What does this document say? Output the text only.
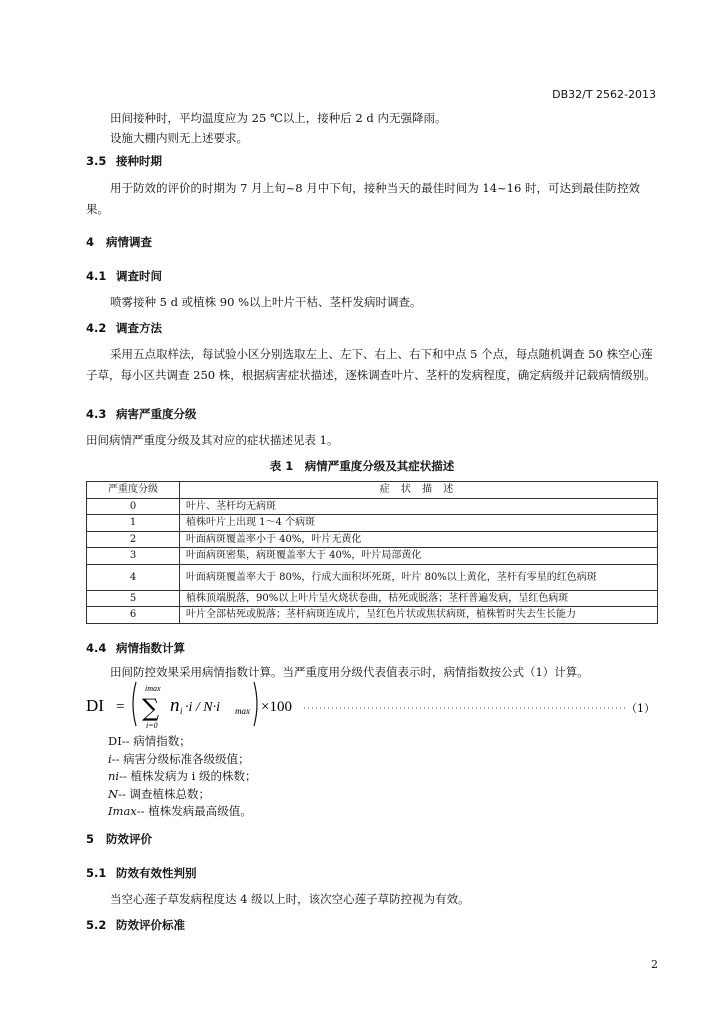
DB32/T 2562-2013
田间接种时，平均温度应为 25 ℃以上，接种后 2 d 内无强降雨。
设施大棚内则无上述要求。
3.5 接种时期
用于防效的评价的时期为 7 月上旬~8 月中下旬，接种当天的最佳时间为 14~16 时，可达到最佳防控效果。
4 病情调查
4.1 调查时间
喷雾接种 5 d 或植株 90 %以上叶片干枯、茎杆发病时调查。
4.2 调查方法
采用五点取样法，每试验小区分别选取左上、左下、右上、右下和中点 5 个点，每点随机调查 50 株空心莲子草，每小区共调查 250 株，根据病害症状描述，逐株调查叶片、茎杆的发病程度，确定病级并记载病情级别。
4.3 病害严重度分级
田间病情严重度分级及其对应的症状描述见表 1。
表 1　病情严重度分级及其症状描述
严重度分级	症 状 描 述
0	叶片、茎杆均无病斑
1	植株叶片上出现 1～4 个病斑
2	叶面病斑覆盖率小于 40%，叶片无黄化
3	叶面病斑密集，病斑覆盖率大于 40%，叶片局部黄化
4	叶面病斑覆盖率大于 80%，行成大面积坏死斑，叶片 80%以上黄化，茎杆有零星的红色病斑
5	植株顶端脱落，90%以上叶片呈火烧状卷曲，枯死或脱落；茎杆普遍发病，呈红色病斑
6	叶片全部枯死或脱落；茎杆病斑连成片，呈红色片状或焦状病斑，植株暂时失去生长能力
4.4 病情指数计算
田间防控效果采用病情指数计算。当严重度用分级代表值表示时，病情指数按公式（1）计算。
DI =
imax
∑
i=0
n i ·i / N·i max ×100	（1）
DI-- 病情指数；
i-- 病害分级标准各级级值；
ni-- 植株发病为 i 级的株数；
N-- 调查植株总数；
Imax-- 植株发病最高级值。
5 防效评价
5.1 防效有效性判别
当空心莲子草发病程度达 4 级以上时，该次空心莲子草防控视为有效。
5.2 防效评价标准
2
